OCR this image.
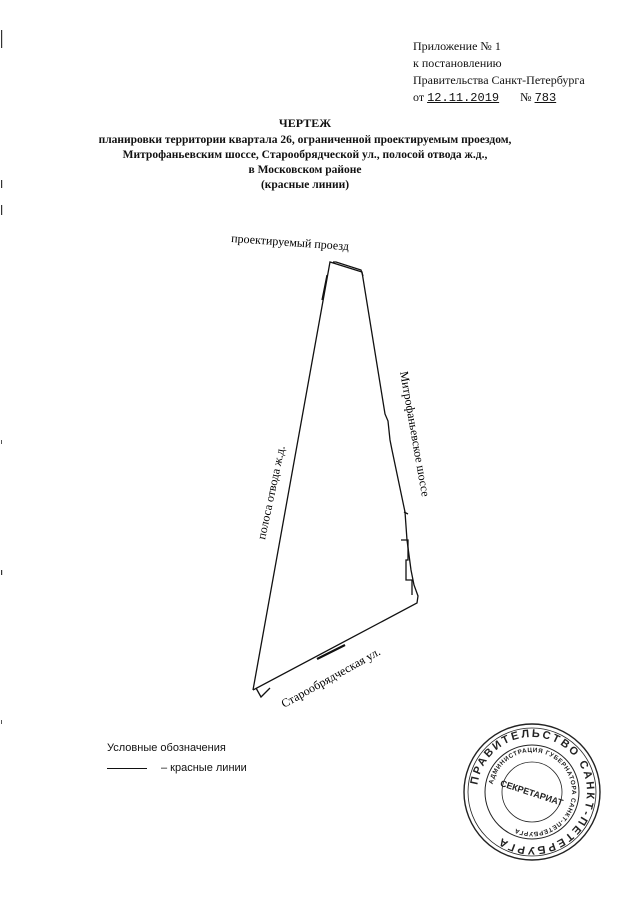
Приложение № 1
к постановлению
Правительства Санкт-Петербурга
от 12.11.2019 № 783
ЧЕРТЕЖ
планировки территории квартала 26, ограниченной проектируемым проездом,
Митрофаньевским шоссе, Старообрядческой ул., полосой отвода ж.д.,
в Московском районе
(красные линии)
проектируемый проезд
полоса отвода ж.д.	Митрофаньевское шоссе
Старообрядческая ул.
ПРАВИТЕЛЬСТВО САНКТ-ПЕТЕРБУРГА
АДМИНИСТРАЦИЯ ГУБЕРНАТОРА САНКТ-ПЕТЕРБУРГА
СЕКРЕТАРИАТ
Условные обозначения
– красные линии
